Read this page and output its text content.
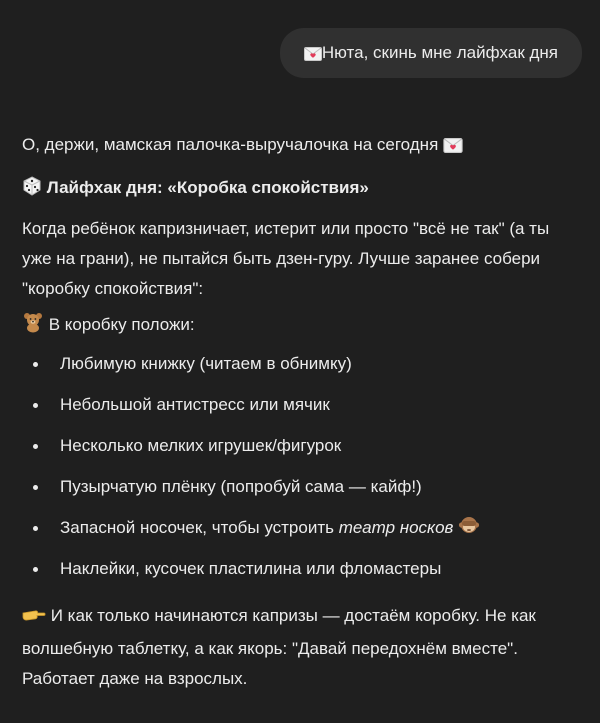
Нюта, скинь мне лайфхак дня

О, держи, мамская палочка-выручалочка на сегодня

Лайфхак дня: «Коробка спокойствия»

Когда ребёнок капризничает, истерит или просто "всё не так" (а ты уже на грани), не пытайся быть дзен-гуру. Лучше заранее собери "коробку спокойствия":

В коробку положи:

Любимую книжку (читаем в обнимку)
Небольшой антистресс или мячик
Несколько мелких игрушек/фигурок
Пузырчатую плёнку (попробуй сама — кайф!)
Запасной носочек, чтобы устроить театр носков
Наклейки, кусочек пластилина или фломастеры

И как только начинаются капризы — достаём коробку. Не как волшебную таблетку, а как якорь: "Давай передохнём вместе". Работает даже на взрослых.
